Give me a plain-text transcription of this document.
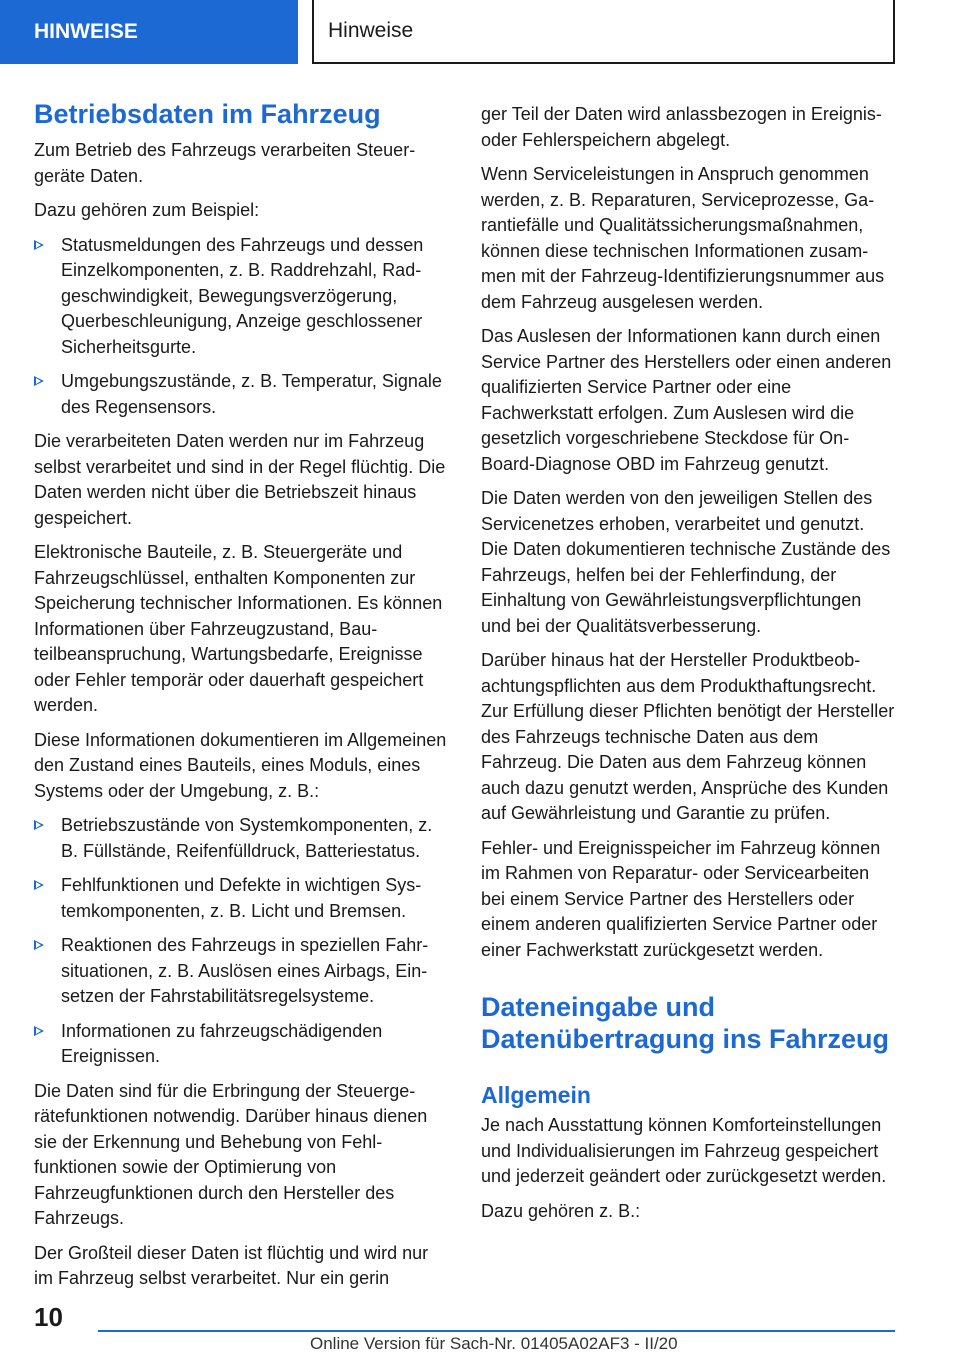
HINWEISE	Hinweise
Betriebsdaten im Fahrzeug

Zum Betrieb des Fahrzeugs verarbeiten Steuergeräte Daten.

Dazu gehören zum Beispiel:

Statusmeldungen des Fahrzeugs und dessen Einzelkomponenten, z. B. Raddrehzahl, Radgeschwindigkeit, Bewegungsverzögerung, Querbeschleunigung, Anzeige geschlossener Sicherheitsgurte.
Umgebungszustände, z. B. Temperatur, Signale des Regensensors.

Die verarbeiteten Daten werden nur im Fahrzeug selbst verarbeitet und sind in der Regel flüchtig. Die Daten werden nicht über die Betriebszeit hinaus gespeichert.

Elektronische Bauteile, z. B. Steuergeräte und Fahrzeugschlüssel, enthalten Komponenten zur Speicherung technischer Informationen. Es können Informationen über Fahrzeugzustand, Bauteilbeanspruchung, Wartungsbedarfe, Ereignisse oder Fehler temporär oder dauerhaft gespeichert werden.

Diese Informationen dokumentieren im Allgemeinen den Zustand eines Bauteils, eines Moduls, eines Systems oder der Umgebung, z. B.:

Betriebszustände von Systemkomponenten, z. B. Füllstände, Reifenfülldruck, Batteriestatus.
Fehlfunktionen und Defekte in wichtigen Systemkomponenten, z. B. Licht und Bremsen.
Reaktionen des Fahrzeugs in speziellen Fahrsituationen, z. B. Auslösen eines Airbags, Einsetzen der Fahrstabilitätsregelsysteme.
Informationen zu fahrzeugschädigenden Ereignissen.

Die Daten sind für die Erbringung der Steuergerätefunktionen notwendig. Darüber hinaus dienen sie der Erkennung und Behebung von Fehlfunktionen sowie der Optimierung von Fahrzeugfunktionen durch den Hersteller des Fahrzeugs.

Der Großteil dieser Daten ist flüchtig und wird nur im Fahrzeug selbst verarbeitet. Nur ein gerin

ger Teil der Daten wird anlassbezogen in Ereignis- oder Fehlerspeichern abgelegt.

Wenn Serviceleistungen in Anspruch genommen werden, z. B. Reparaturen, Serviceprozesse, Garantiefälle und Qualitätssicherungsmaßnahmen, können diese technischen Informationen zusammen mit der Fahrzeug-Identifizierungsnummer aus dem Fahrzeug ausgelesen werden.

Das Auslesen der Informationen kann durch einen Service Partner des Herstellers oder einen anderen qualifizierten Service Partner oder eine Fachwerkstatt erfolgen. Zum Auslesen wird die gesetzlich vorgeschriebene Steckdose für On-Board-Diagnose OBD im Fahrzeug genutzt.

Die Daten werden von den jeweiligen Stellen des Servicenetzes erhoben, verarbeitet und genutzt. Die Daten dokumentieren technische Zustände des Fahrzeugs, helfen bei der Fehlerfindung, der Einhaltung von Gewährleistungsverpflichtungen und bei der Qualitätsverbesserung.

Darüber hinaus hat der Hersteller Produktbeobachtungspflichten aus dem Produkthaftungsrecht. Zur Erfüllung dieser Pflichten benötigt der Hersteller des Fahrzeugs technische Daten aus dem Fahrzeug. Die Daten aus dem Fahrzeug können auch dazu genutzt werden, Ansprüche des Kunden auf Gewährleistung und Garantie zu prüfen.

Fehler- und Ereignisspeicher im Fahrzeug können im Rahmen von Reparatur- oder Servicearbeiten bei einem Service Partner des Herstellers oder einem anderen qualifizierten Service Partner oder einer Fachwerkstatt zurückgesetzt werden.

Dateneingabe und Datenübertragung ins Fahrzeug
Allgemein

Je nach Ausstattung können Komforteinstellungen und Individualisierungen im Fahrzeug gespeichert und jederzeit geändert oder zurückgesetzt werden.

Dazu gehören z. B.:

10
Online Version für Sach-Nr. 01405A02AF3 - II/20
